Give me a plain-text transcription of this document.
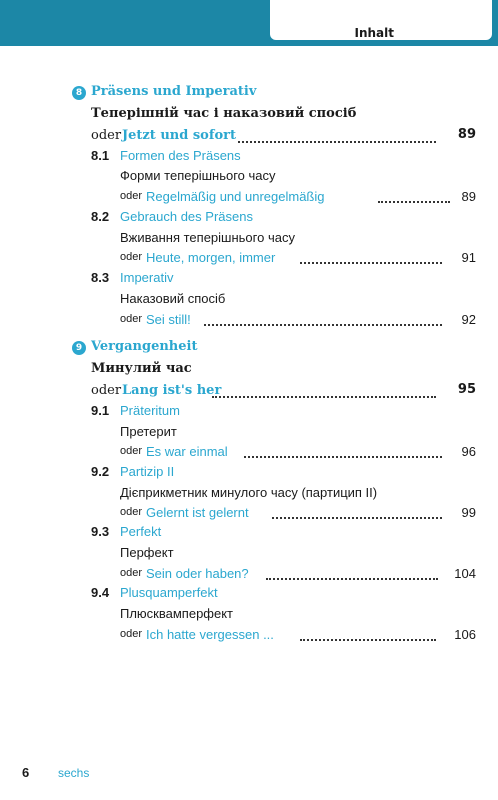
Inhalt
8 Präsens und Imperativ
Теперішній час і наказовий спосіб
oder Jetzt und sofort	89
8.1 Formen des Präsens
Форми теперішнього часу
oder Regelmäßig und unregelmäßig	89
8.2 Gebrauch des Präsens
Вживання теперішнього часу
oder Heute, morgen, immer	91
8.3 Imperativ
Наказовий спосіб
oder Sei still!	92
9 Vergangenheit
Минулий час
oder Lang ist's her	95
9.1 Präteritum
Претерит
oder Es war einmal	96
9.2 Partizip II
Дієприкметник минулого часу (партицип II)
oder Gelernt ist gelernt	99
9.3 Perfekt
Перфект
oder Sein oder haben?	104
9.4 Plusquamperfekt
Плюсквамперфект
oder Ich hatte vergessen ...	106
6 sechs
